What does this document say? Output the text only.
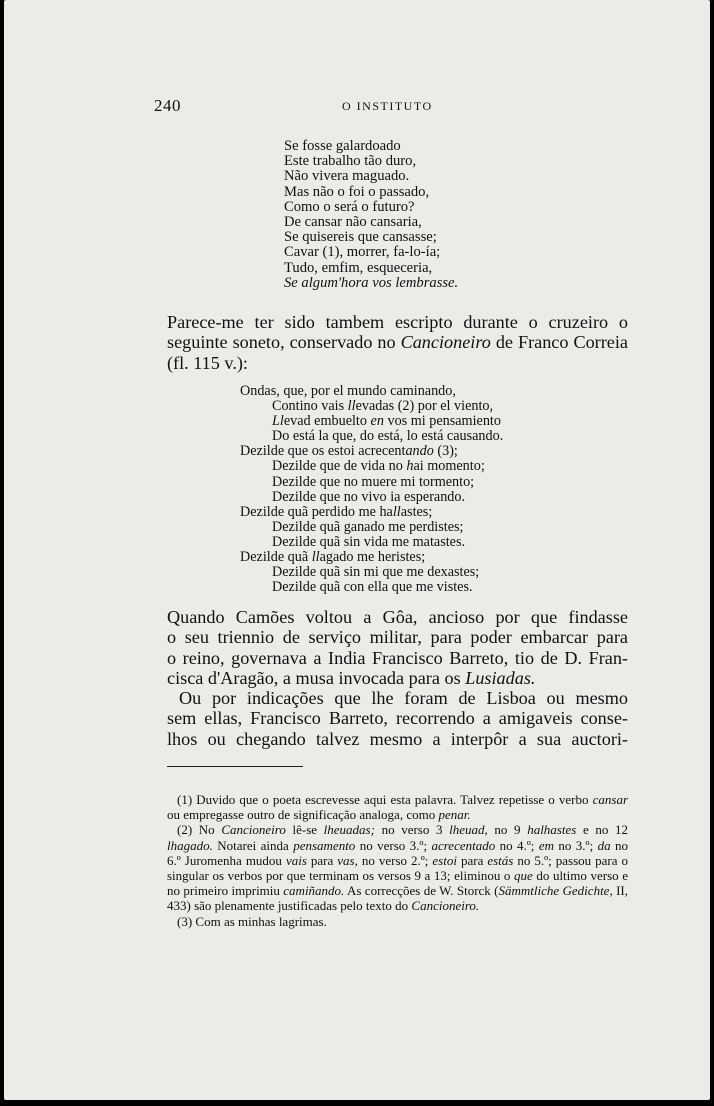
240	O INSTITUTO
Se fosse galardoado
Este trabalho tão duro,
Não vivera maguado.
Mas não o foi o passado,
Como o será o futuro?
De cansar não cansaria,
Se quisereis que cansasse;
Cavar (1), morrer, fa-lo-ía;
Tudo, emfim, esqueceria,
Se algum'hora vos lembrasse.

Parece-me ter sido tambem escripto durante o cruzeiro o seguinte soneto, conservado no Cancioneiro de Franco Correia (fl. 115 v.):

Ondas, que, por el mundo caminando,
Contino vais llevadas (2) por el viento,
Llevad embuelto en vos mi pensamiento
Do está la que, do está, lo está causando.
Dezilde que os estoi acrecentando (3);
Dezilde que de vida no hai momento;
Dezilde que no muere mi tormento;
Dezilde que no vivo ia esperando.
Dezilde quã perdido me hallastes;
Dezilde quã ganado me perdistes;
Dezilde quã sin vida me matastes.
Dezilde quã llagado me heristes;
Dezilde quã sin mi que me dexastes;
Dezilde quã con ella que me vistes.

Quando Camões voltou a Gôa, ancioso por que findasse
o seu triennio de serviço militar, para poder embarcar para
o reino, governava a India Francisco Barreto, tio de D. Fran-
cisca d'Aragão, a musa invocada para os Lusiadas.
Ou por indicações que lhe foram de Lisboa ou mesmo
sem ellas, Francisco Barreto, recorrendo a amigaveis conse-
lhos ou chegando talvez mesmo a interpôr a sua auctori-

(1) Duvido que o poeta escrevesse aqui esta palavra. Talvez repetisse o verbo cansar ou empregasse outro de significação analoga, como penar.

(2) No Cancioneiro lê-se lheuadas; no verso 3 lheuad, no 9 halhastes e no 12 lhagado. Notarei ainda pensamento no verso 3.º; acrecentado no 4.º; em no 3.º; da no 6.º Juromenha mudou vais para vas, no verso 2.º; estoi para estás no 5.º; passou para o singular os verbos por que terminam os versos 9 a 13; eliminou o que do ultimo verso e no primeiro imprimiu camiñando. As correcções de W. Storck (Sämmtliche Gedichte, II, 433) são plenamente justificadas pelo texto do Cancioneiro.

(3) Com as minhas lagrimas.
